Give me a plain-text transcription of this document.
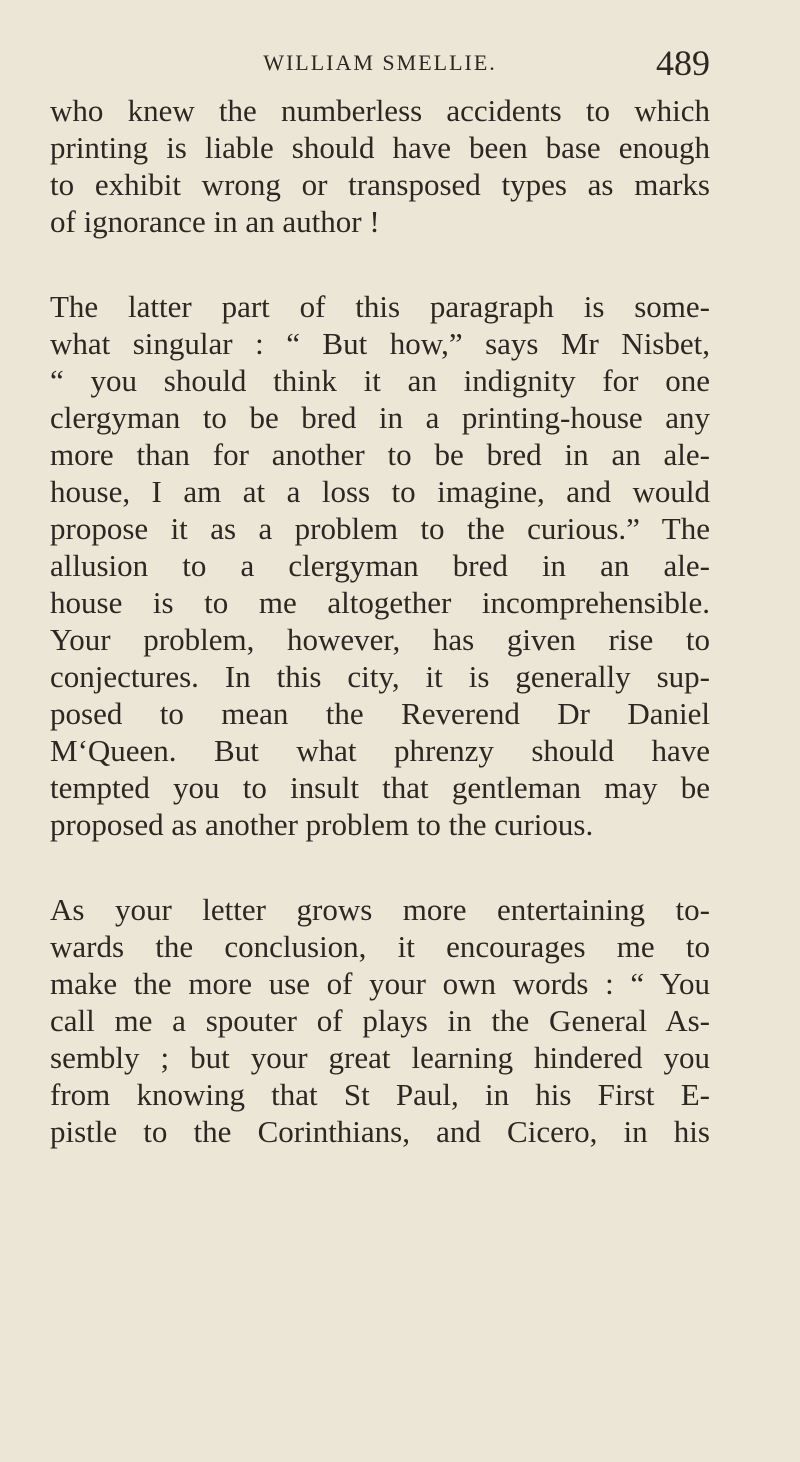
WILLIAM SMELLIE.	489
who knew the numberless accidents to which
printing is liable should have been base enough
to exhibit wrong or transposed types as marks
of ignorance in an author !
The latter part of this paragraph is some-
what singular : “ But how,” says Mr Nisbet,
“ you should think it an indignity for one
clergyman to be bred in a printing-house any
more than for another to be bred in an ale-
house, I am at a loss to imagine, and would
propose it as a problem to the curious.” The
allusion to a clergyman bred in an ale-
house is to me altogether incomprehensible.
Your problem, however, has given rise to
conjectures. In this city, it is generally sup-
posed to mean the Reverend Dr Daniel
M‘Queen. But what phrenzy should have
tempted you to insult that gentleman may be
proposed as another problem to the curious.
As your letter grows more entertaining to-
wards the conclusion, it encourages me to
make the more use of your own words : “ You
call me a spouter of plays in the General As-
sembly ; but your great learning hindered you
from knowing that St Paul, in his First E-
pistle to the Corinthians, and Cicero, in his
